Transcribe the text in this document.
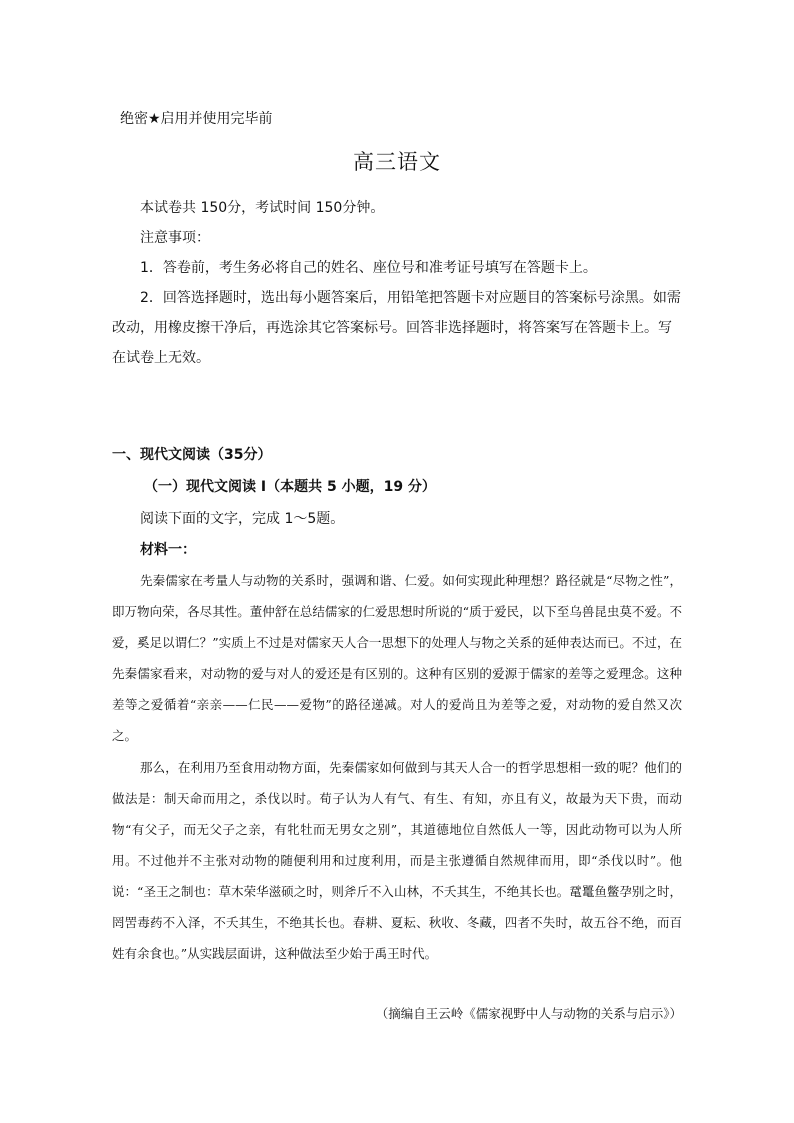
绝密★启用并使用完毕前
高三语文

本试卷共 150分，考试时间 150分钟。

注意事项：

1．答卷前，考生务必将自己的姓名、座位号和准考证号填写在答题卡上。

2．回答选择题时，选出每小题答案后，用铅笔把答题卡对应题目的答案标号涂黑。如需改动，用橡皮擦干净后，再选涂其它答案标号。回答非选择题时，将答案写在答题卡上。写在试卷上无效。

一、现代文阅读（35分）

（一）现代文阅读 I（本题共 5 小题，19 分）

阅读下面的文字，完成 1～5题。

材料一：

先秦儒家在考量人与动物的关系时，强调和谐、仁爱。如何实现此种理想？路径就是“尽物之性”，即万物向荣，各尽其性。董仲舒在总结儒家的仁爱思想时所说的“质于爱民，以下至乌兽昆虫莫不爱。不爱，奚足以谓仁？”实质上不过是对儒家天人合一思想下的处理人与物之关系的延伸表达而已。不过，在先秦儒家看来，对动物的爱与对人的爱还是有区别的。这种有区别的爱源于儒家的差等之爱理念。这种差等之爱循着“亲亲——仁民——爱物”的路径递减。对人的爱尚且为差等之爱，对动物的爱自然又次之。

那么，在利用乃至食用动物方面，先秦儒家如何做到与其天人合一的哲学思想相一致的呢？他们的做法是：制天命而用之，杀伐以时。荀子认为人有气、有生、有知，亦且有义，故最为天下贵，而动物“有父子，而无父子之亲，有牝牡而无男女之别”，其道德地位自然低人一等，因此动物可以为人所用。不过他并不主张对动物的随便利用和过度利用，而是主张遵循自然规律而用，即“杀伐以时”。他说：“圣王之制也：草木荣华滋硕之时，则斧斤不入山林，不夭其生，不绝其长也。鼋鼍鱼鳖孕别之时，罔罟毒药不入泽，不夭其生，不绝其长也。春耕、夏耘、秋收、冬藏，四者不失时，故五谷不绝，而百姓有余食也。”从实践层面讲，这种做法至少始于禹王时代。

（摘编自王云岭《儒家视野中人与动物的关系与启示》）
